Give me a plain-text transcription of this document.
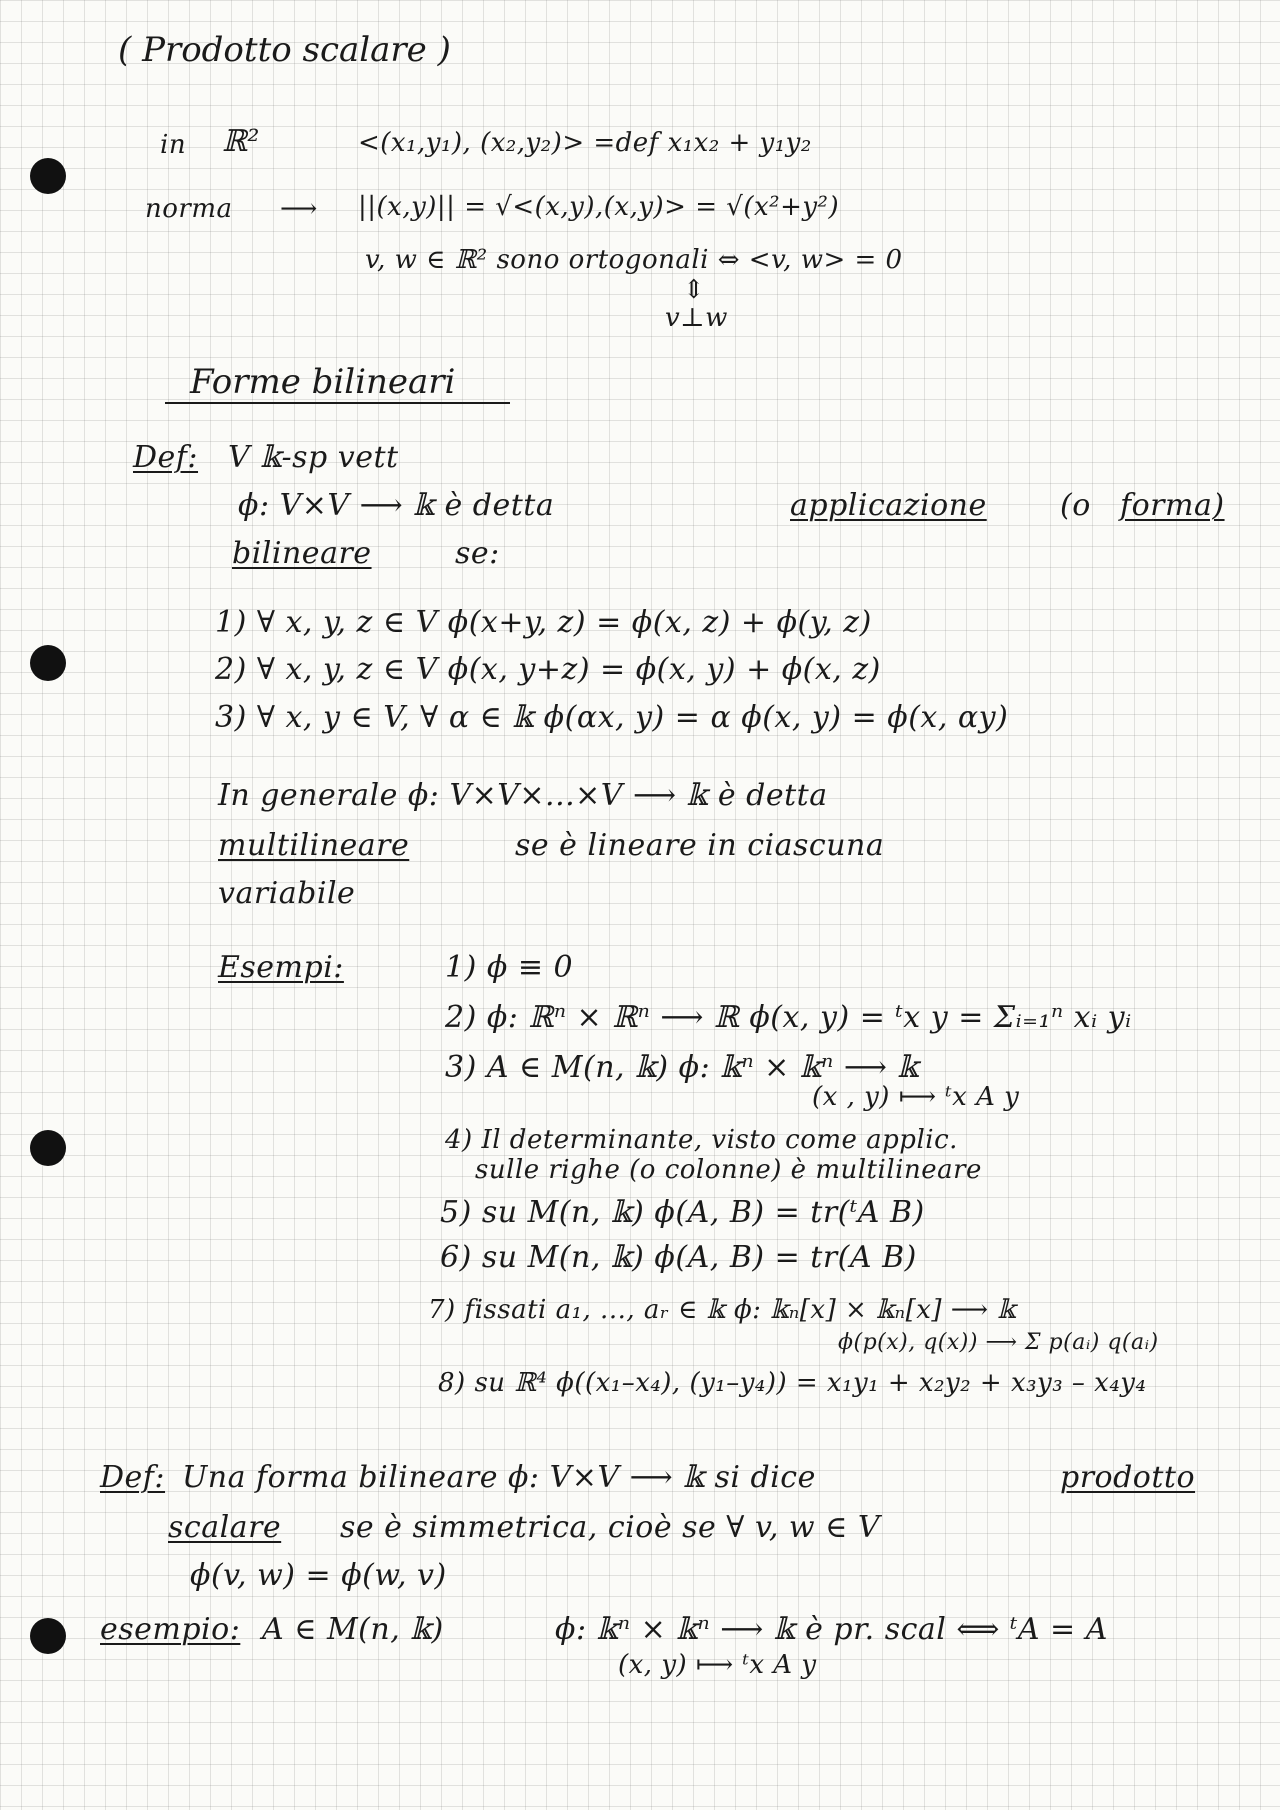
( Prodotto scalare )
in ℝ²	<(x₁,y₁), (x₂,y₂)> =def x₁x₂ + y₁y₂
norma ⟶ ||(x,y)|| = √<(x,y),(x,y)> = √(x²+y²)
v, w ∈ ℝ² sono ortogonali ⇔ <v, w> = 0
⇕
v⊥w
Forme bilineari
Def: V 𝕜-sp vett
ϕ: V×V ⟶ 𝕜 è detta	applicazione (o forma)
bilineare	se:
1) ∀ x, y, z ∈ V ϕ(x+y, z) = ϕ(x, z) + ϕ(y, z)
2) ∀ x, y, z ∈ V ϕ(x, y+z) = ϕ(x, y) + ϕ(x, z)
3) ∀ x, y ∈ V, ∀ α ∈ 𝕜 ϕ(αx, y) = α ϕ(x, y) = ϕ(x, αy)
In generale ϕ: V×V×...×V ⟶ 𝕜 è detta
multilineare	se è lineare in ciascuna
variabile
Esempi:	1) ϕ ≡ 0
2) ϕ: ℝⁿ × ℝⁿ ⟶ ℝ ϕ(x, y) = ᵗx y = Σᵢ₌₁ⁿ xᵢ yᵢ
3) A ∈ M(n, 𝕜) ϕ: 𝕜ⁿ × 𝕜ⁿ ⟶ 𝕜
(x , y) ⟼ ᵗx A y
4) Il determinante, visto come applic.
sulle righe (o colonne) è multilineare
5) su M(n, 𝕜) ϕ(A, B) = tr(ᵗA B)
6) su M(n, 𝕜) ϕ(A, B) = tr(A B)
7) fissati a₁, ..., aᵣ ∈ 𝕜 ϕ: 𝕜ₙ[x] × 𝕜ₙ[x] ⟶ 𝕜
ϕ(p(x), q(x)) ⟶ Σ p(aᵢ) q(aᵢ)
8) su ℝ⁴ ϕ((x₁–x₄), (y₁–y₄)) = x₁y₁ + x₂y₂ + x₃y₃ – x₄y₄
Def: Una forma bilineare ϕ: V×V ⟶ 𝕜 si dice	prodotto
scalare se è simmetrica, cioè se ∀ v, w ∈ V
ϕ(v, w) = ϕ(w, v)
esempio: A ∈ M(n, 𝕜)	ϕ: 𝕜ⁿ × 𝕜ⁿ ⟶ 𝕜 è pr. scal ⟺ ᵗA = A
(x, y) ⟼ ᵗx A y
